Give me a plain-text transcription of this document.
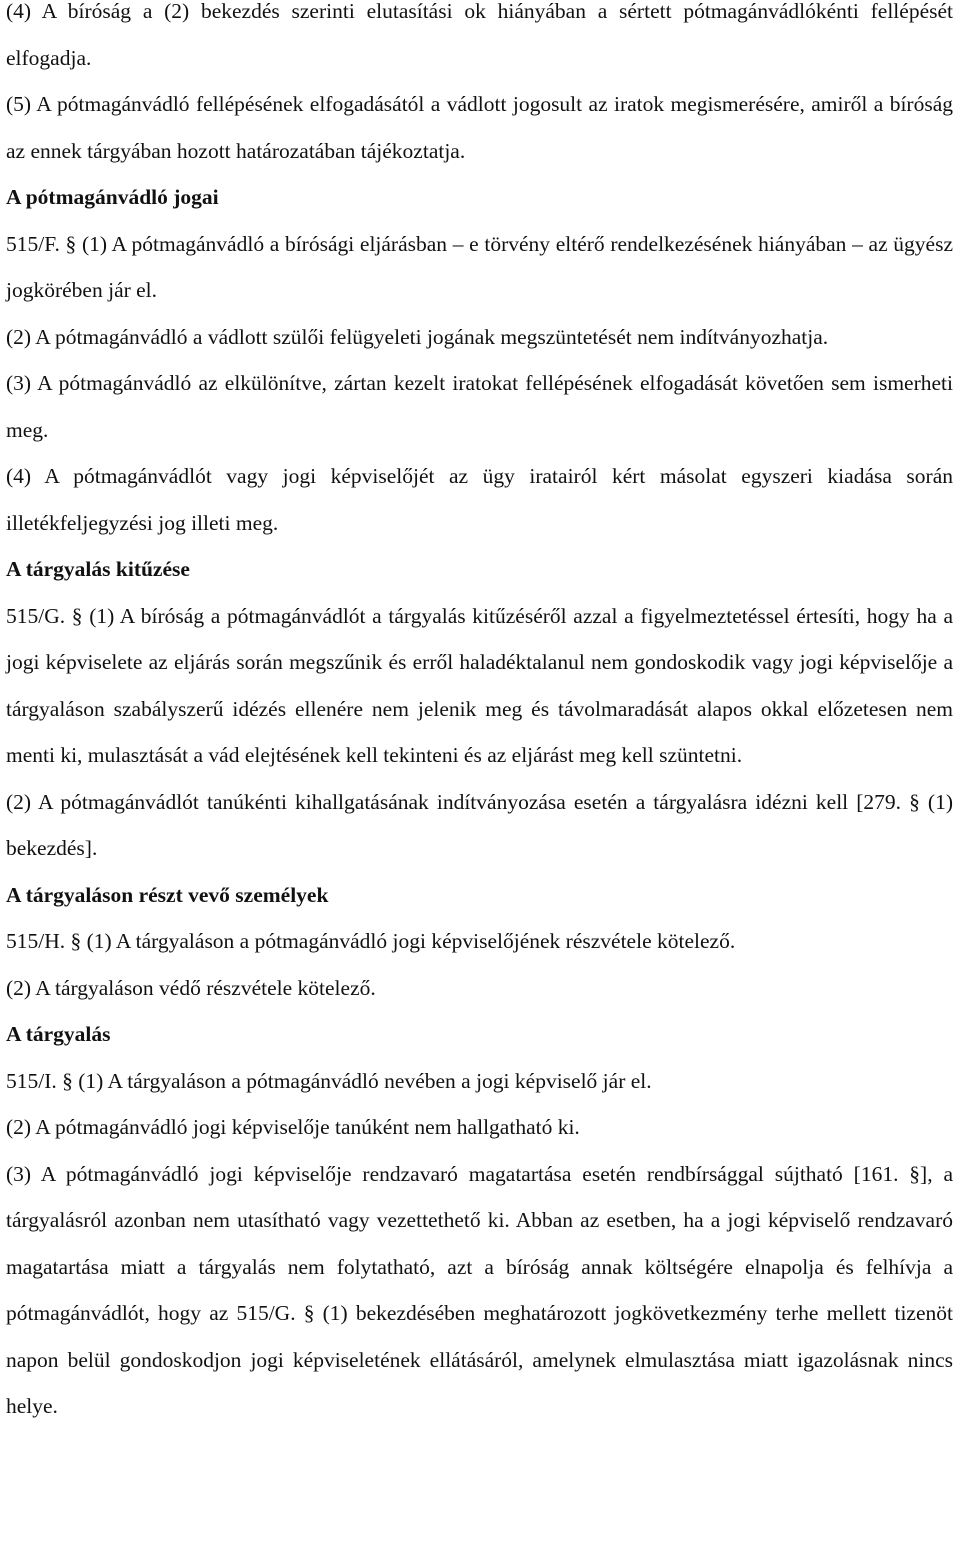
(4) A bíróság a (2) bekezdés szerinti elutasítási ok hiányában a sértett pótmagánvádlókénti fellépését elfogadja.

(5) A pótmagánvádló fellépésének elfogadásától a vádlott jogosult az iratok megismerésére, amiről a bíróság az ennek tárgyában hozott határozatában tájékoztatja.

A pótmagánvádló jogai

515/F. § (1) A pótmagánvádló a bírósági eljárásban – e törvény eltérő rendelkezésének hiányában – az ügyész jogkörében jár el.

(2) A pótmagánvádló a vádlott szülői felügyeleti jogának megszüntetését nem indítványozhatja.

(3) A pótmagánvádló az elkülönítve, zártan kezelt iratokat fellépésének elfogadását követően sem ismerheti meg.

(4) A pótmagánvádlót vagy jogi képviselőjét az ügy iratairól kért másolat egyszeri kiadása során illetékfeljegyzési jog illeti meg.

A tárgyalás kitűzése

515/G. § (1) A bíróság a pótmagánvádlót a tárgyalás kitűzéséről azzal a figyelmeztetéssel értesíti, hogy ha a jogi képviselete az eljárás során megszűnik és erről haladéktalanul nem gondoskodik vagy jogi képviselője a tárgyaláson szabályszerű idézés ellenére nem jelenik meg és távolmaradását alapos okkal előzetesen nem menti ki, mulasztását a vád elejtésének kell tekinteni és az eljárást meg kell szüntetni.

(2) A pótmagánvádlót tanúkénti kihallgatásának indítványozása esetén a tárgyalásra idézni kell [279. § (1) bekezdés].

A tárgyaláson részt vevő személyek

515/H. § (1) A tárgyaláson a pótmagánvádló jogi képviselőjének részvétele kötelező.

(2) A tárgyaláson védő részvétele kötelező.

A tárgyalás

515/I. § (1) A tárgyaláson a pótmagánvádló nevében a jogi képviselő jár el.

(2) A pótmagánvádló jogi képviselője tanúként nem hallgatható ki.

(3) A pótmagánvádló jogi képviselője rendzavaró magatartása esetén rendbírsággal sújtható [161. §], a tárgyalásról azonban nem utasítható vagy vezettethető ki. Abban az esetben, ha a jogi képviselő rendzavaró magatartása miatt a tárgyalás nem folytatható, azt a bíróság annak költségére elnapolja és felhívja a pótmagánvádlót, hogy az 515/G. § (1) bekezdésében meghatározott jogkövetkezmény terhe mellett tizenöt napon belül gondoskodjon jogi képviseletének ellátásáról, amelynek elmulasztása miatt igazolásnak nincs helye.
